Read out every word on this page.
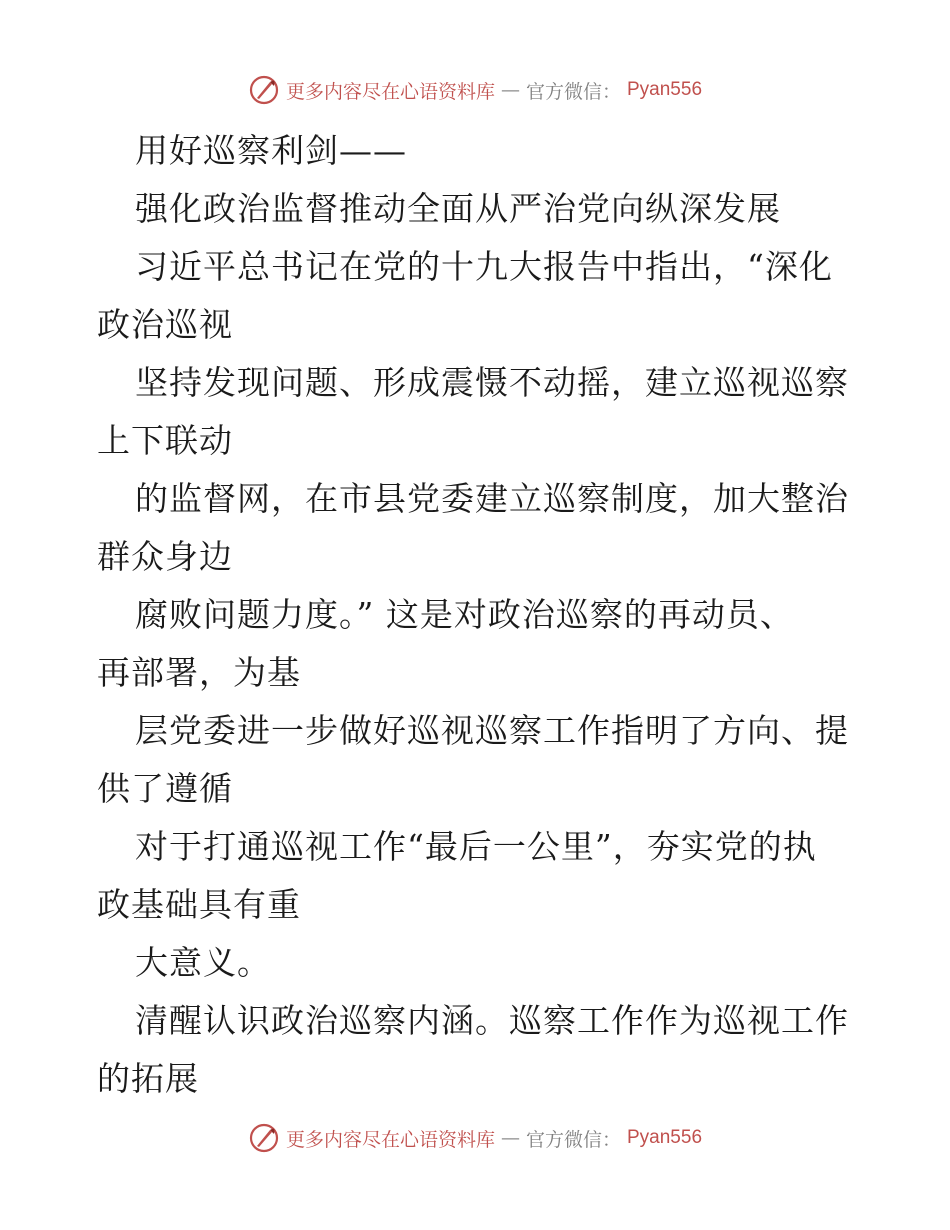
更多内容尽在心语资料库 — 官方微信： Pyan556
用好巡察利剑——
强化政治监督推动全面从严治党向纵深发展
习近平总书记在党的十九大报告中指出，“深化
政治巡视
坚持发现问题、形成震慑不动摇，建立巡视巡察
上下联动
的监督网，在市县党委建立巡察制度，加大整治
群众身边
腐败问题力度。” 这是对政治巡察的再动员、
再部署，为基
层党委进一步做好巡视巡察工作指明了方向、提
供了遵循
对于打通巡视工作“最后一公里”，夯实党的执
政基础具有重
大意义。
清醒认识政治巡察内涵。巡察工作作为巡视工作
的拓展
更多内容尽在心语资料库 — 官方微信： Pyan556
